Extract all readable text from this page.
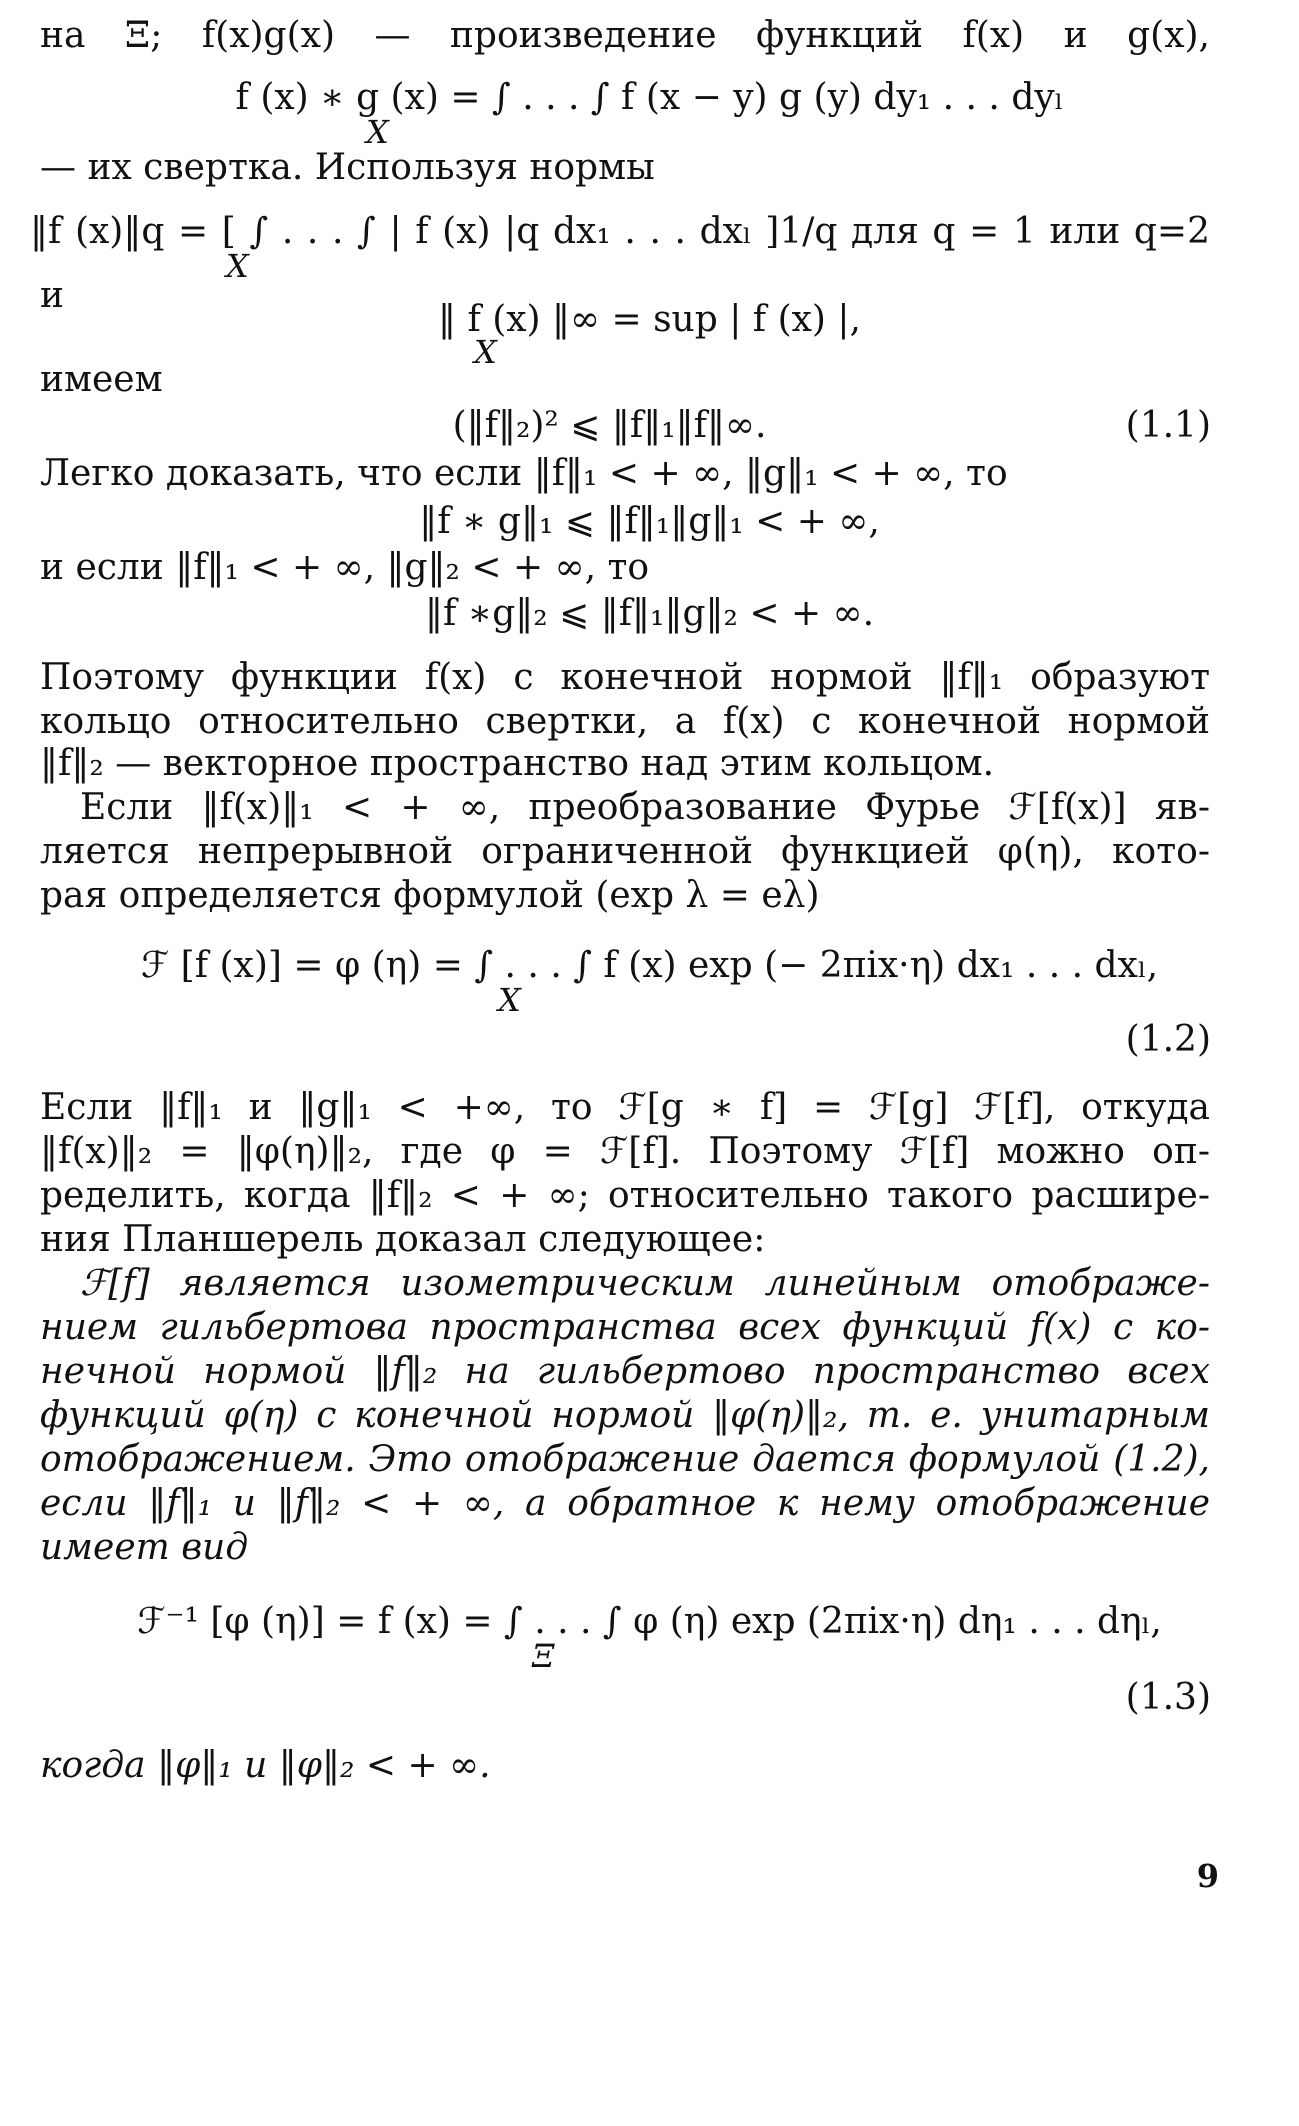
на Ξ; f(x)g(x) — произведение функций f(x) и g(x),
f (x) ∗ g (x) = ∫ . . . ∫ f (x − y) g (y) dy₁ . . . dyₗ
X
— их свертка. Используя нормы
‖f (x)‖q = [ ∫ . . . ∫ | f (x) |q dx₁ . . . dxₗ ]1/q для q = 1 или q=2
X
и
‖ f (x) ‖∞ = sup | f (x) |,
X
имеем
(‖f‖₂)² ⩽ ‖f‖₁‖f‖∞.	(1.1)
Легко доказать, что если ‖f‖₁ < + ∞, ‖g‖₁ < + ∞, то
‖f ∗ g‖₁ ⩽ ‖f‖₁‖g‖₁ < + ∞,
и если ‖f‖₁ < + ∞, ‖g‖₂ < + ∞, то
‖f ∗g‖₂ ⩽ ‖f‖₁‖g‖₂ < + ∞.
Поэтому функции f(x) с конечной нормой ‖f‖₁ образуют
кольцо относительно свертки, а f(x) с конечной нормой
‖f‖₂ — векторное пространство над этим кольцом.
Если ‖f(x)‖₁ < + ∞, преобразование Фурье ℱ[f(x)] яв-
ляется непрерывной ограниченной функцией φ(η), кото-
рая определяется формулой (exp λ = eλ)
ℱ [f (x)] = φ (η) = ∫ . . . ∫ f (x) exp (− 2πix·η) dx₁ . . . dxₗ,
X
(1.2)
Если ‖f‖₁ и ‖g‖₁ < +∞, то ℱ[g ∗ f] = ℱ[g] ℱ[f], откуда
‖f(x)‖₂ = ‖φ(η)‖₂, где φ = ℱ[f]. Поэтому ℱ[f] можно оп-
ределить, когда ‖f‖₂ < + ∞; относительно такого расшире-
ния Планшерель доказал следующее:
ℱ[f] является изометрическим линейным отображе-
нием гильбертова пространства всех функций f(x) с ко-
нечной нормой ‖f‖₂ на гильбертово пространство всех
функций φ(η) с конечной нормой ‖φ(η)‖₂, т. е. унитарным
отображением. Это отображение дается формулой (1.2),
если ‖f‖₁ и ‖f‖₂ < + ∞, а обратное к нему отображение
имеет вид
ℱ⁻¹ [φ (η)] = f (x) = ∫ . . . ∫ φ (η) exp (2πix·η) dη₁ . . . dηₗ,
Ξ
(1.3)
когда ‖φ‖₁ и ‖φ‖₂ < + ∞.
9
